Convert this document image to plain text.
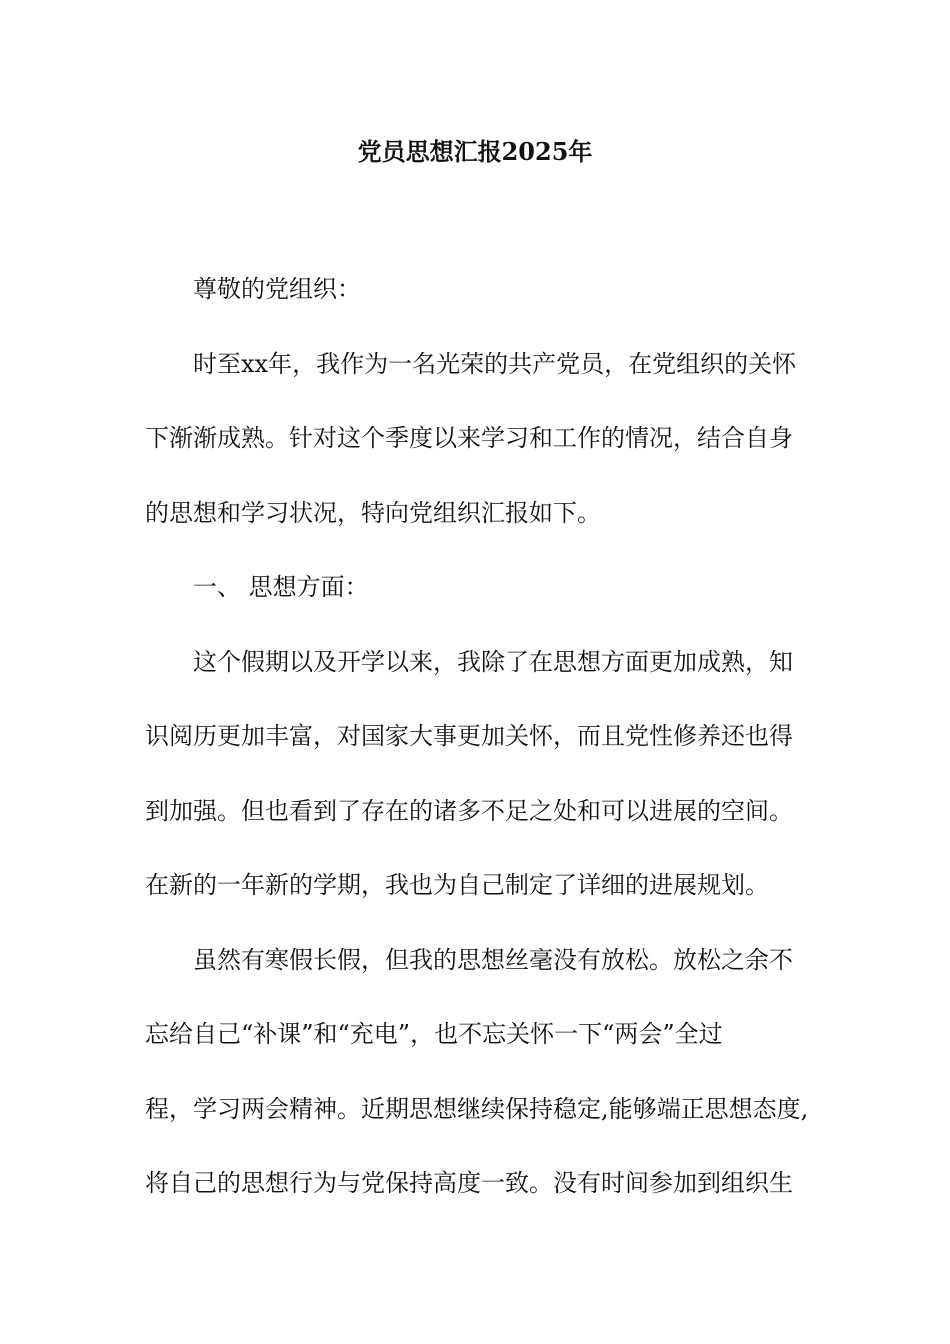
党员思想汇报2025年
尊敬的党组织：
时至xx年，我作为一名光荣的共产党员，在党组织的关怀
下渐渐成熟。针对这个季度以来学习和工作的情况，结合自身
的思想和学习状况，特向党组织汇报如下。
一、 思想方面：
这个假期以及开学以来，我除了在思想方面更加成熟，知
识阅历更加丰富，对国家大事更加关怀，而且党性修养还也得
到加强。但也看到了存在的诸多不足之处和可以进展的空间。
在新的一年新的学期，我也为自己制定了详细的进展规划。
虽然有寒假长假，但我的思想丝毫没有放松。放松之余不
忘给自己“补课”和“充电”，也不忘关怀一下“两会”全过
程，学习两会精神。近期思想继续保持稳定,能够端正思想态度,
将自己的思想行为与党保持高度一致。没有时间参加到组织生
